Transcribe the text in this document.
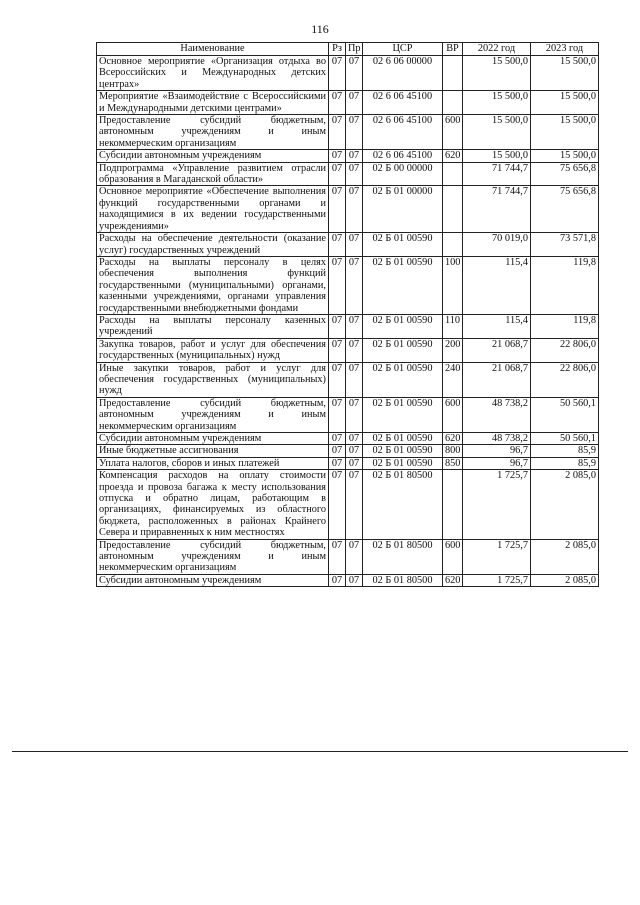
116
Наименование	Рз	Пр	ЦСР	ВР	2022 год	2023 год
Основное мероприятие «Организация отдыха во Всероссийских и Международных детских центрах»	07	07	02 6 06 00000		15 500,0	15 500,0
Мероприятие «Взаимодействие с Всероссийскими и Международными детскими центрами»	07	07	02 6 06 45100		15 500,0	15 500,0
Предоставление субсидий бюджетным, автономным учреждениям и иным некоммерческим организациям	07	07	02 6 06 45100	600	15 500,0	15 500,0
Субсидии автономным учреждениям	07	07	02 6 06 45100	620	15 500,0	15 500,0
Подпрограмма «Управление развитием отрасли образования в Магаданской области»	07	07	02 Б 00 00000		71 744,7	75 656,8
Основное мероприятие «Обеспечение выполнения функций государственными органами и находящимися в их ведении государственными учреждениями»	07	07	02 Б 01 00000		71 744,7	75 656,8
Расходы на обеспечение деятельности (оказание услуг) государственных учреждений	07	07	02 Б 01 00590		70 019,0	73 571,8
Расходы на выплаты персоналу в целях обеспечения выполнения функций государственными (муниципальными) органами, казенными учреждениями, органами управления государственными внебюджетными фондами	07	07	02 Б 01 00590	100	115,4	119,8
Расходы на выплаты персоналу казенных учреждений	07	07	02 Б 01 00590	110	115,4	119,8
Закупка товаров, работ и услуг для обеспечения государственных (муниципальных) нужд	07	07	02 Б 01 00590	200	21 068,7	22 806,0
Иные закупки товаров, работ и услуг для обеспечения государственных (муниципальных) нужд	07	07	02 Б 01 00590	240	21 068,7	22 806,0
Предоставление субсидий бюджетным, автономным учреждениям и иным некоммерческим организациям	07	07	02 Б 01 00590	600	48 738,2	50 560,1
Субсидии автономным учреждениям	07	07	02 Б 01 00590	620	48 738,2	50 560,1
Иные бюджетные ассигнования	07	07	02 Б 01 00590	800	96,7	85,9
Уплата налогов, сборов и иных платежей	07	07	02 Б 01 00590	850	96,7	85,9
Компенсация расходов на оплату стоимости проезда и провоза багажа к месту использования отпуска и обратно лицам, работающим в организациях, финансируемых из областного бюджета, расположенных в районах Крайнего Севера и приравненных к ним местностях	07	07	02 Б 01 80500		1 725,7	2 085,0
Предоставление субсидий бюджетным, автономным учреждениям и иным некоммерческим организациям	07	07	02 Б 01 80500	600	1 725,7	2 085,0
Субсидии автономным учреждениям	07	07	02 Б 01 80500	620	1 725,7	2 085,0
